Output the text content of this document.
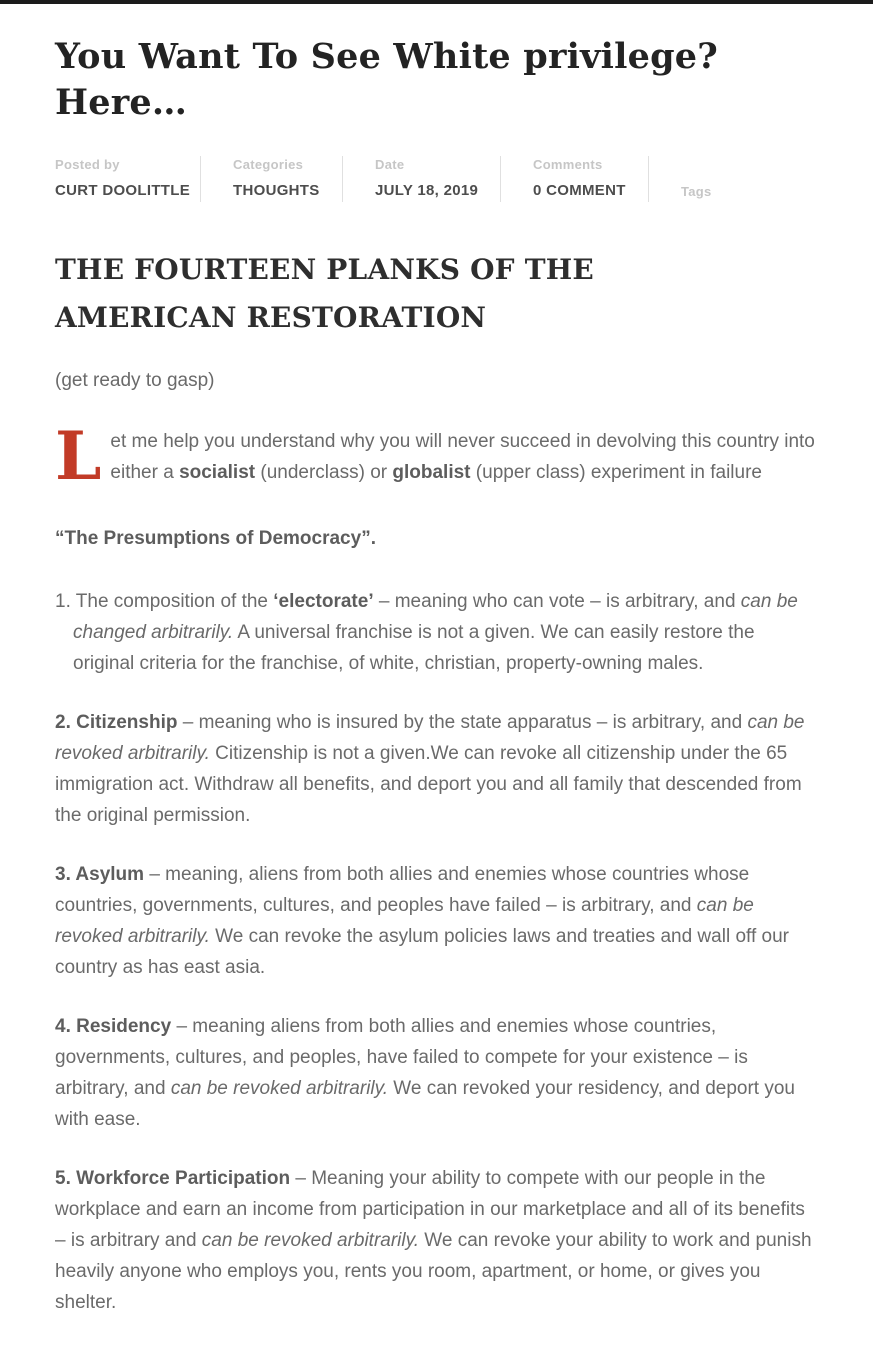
You Want To See White privilege? Here…
Posted by
CURT DOOLITTLE
Categories
THOUGHTS
Date
JULY 18, 2019
Comments
0 COMMENT	Tags
THE FOURTEEN PLANKS OF THE AMERICAN RESTORATION

(get ready to gasp)

Let me help you understand why you will never succeed in devolving this country into either a socialist (underclass) or globalist (upper class) experiment in failure

“The Presumptions of Democracy”.

1. The composition of the ‘electorate’ – meaning who can vote – is arbitrary, and can be changed arbitrarily. A universal franchise is not a given. We can easily restore the original criteria for the franchise, of white, christian, property-owning males.

2. Citizenship – meaning who is insured by the state apparatus – is arbitrary, and can be revoked arbitrarily. Citizenship is not a given.We can revoke all citizenship under the 65 immigration act. Withdraw all benefits, and deport you and all family that descended from the original permission.

3. Asylum – meaning, aliens from both allies and enemies whose countries whose countries, governments, cultures, and peoples have failed – is arbitrary, and can be revoked arbitrarily. We can revoke the asylum policies laws and treaties and wall off our country as has east asia.

4. Residency – meaning aliens from both allies and enemies whose countries, governments, cultures, and peoples, have failed to compete for your existence – is arbitrary, and can be revoked arbitrarily. We can revoked your residency, and deport you with ease.

5. Workforce Participation – Meaning your ability to compete with our people in the workplace and earn an income from participation in our marketplace and all of its benefits – is arbitrary and can be revoked arbitrarily. We can revoke your ability to work and punish heavily anyone who employs you, rents you room, apartment, or home, or gives you shelter.
